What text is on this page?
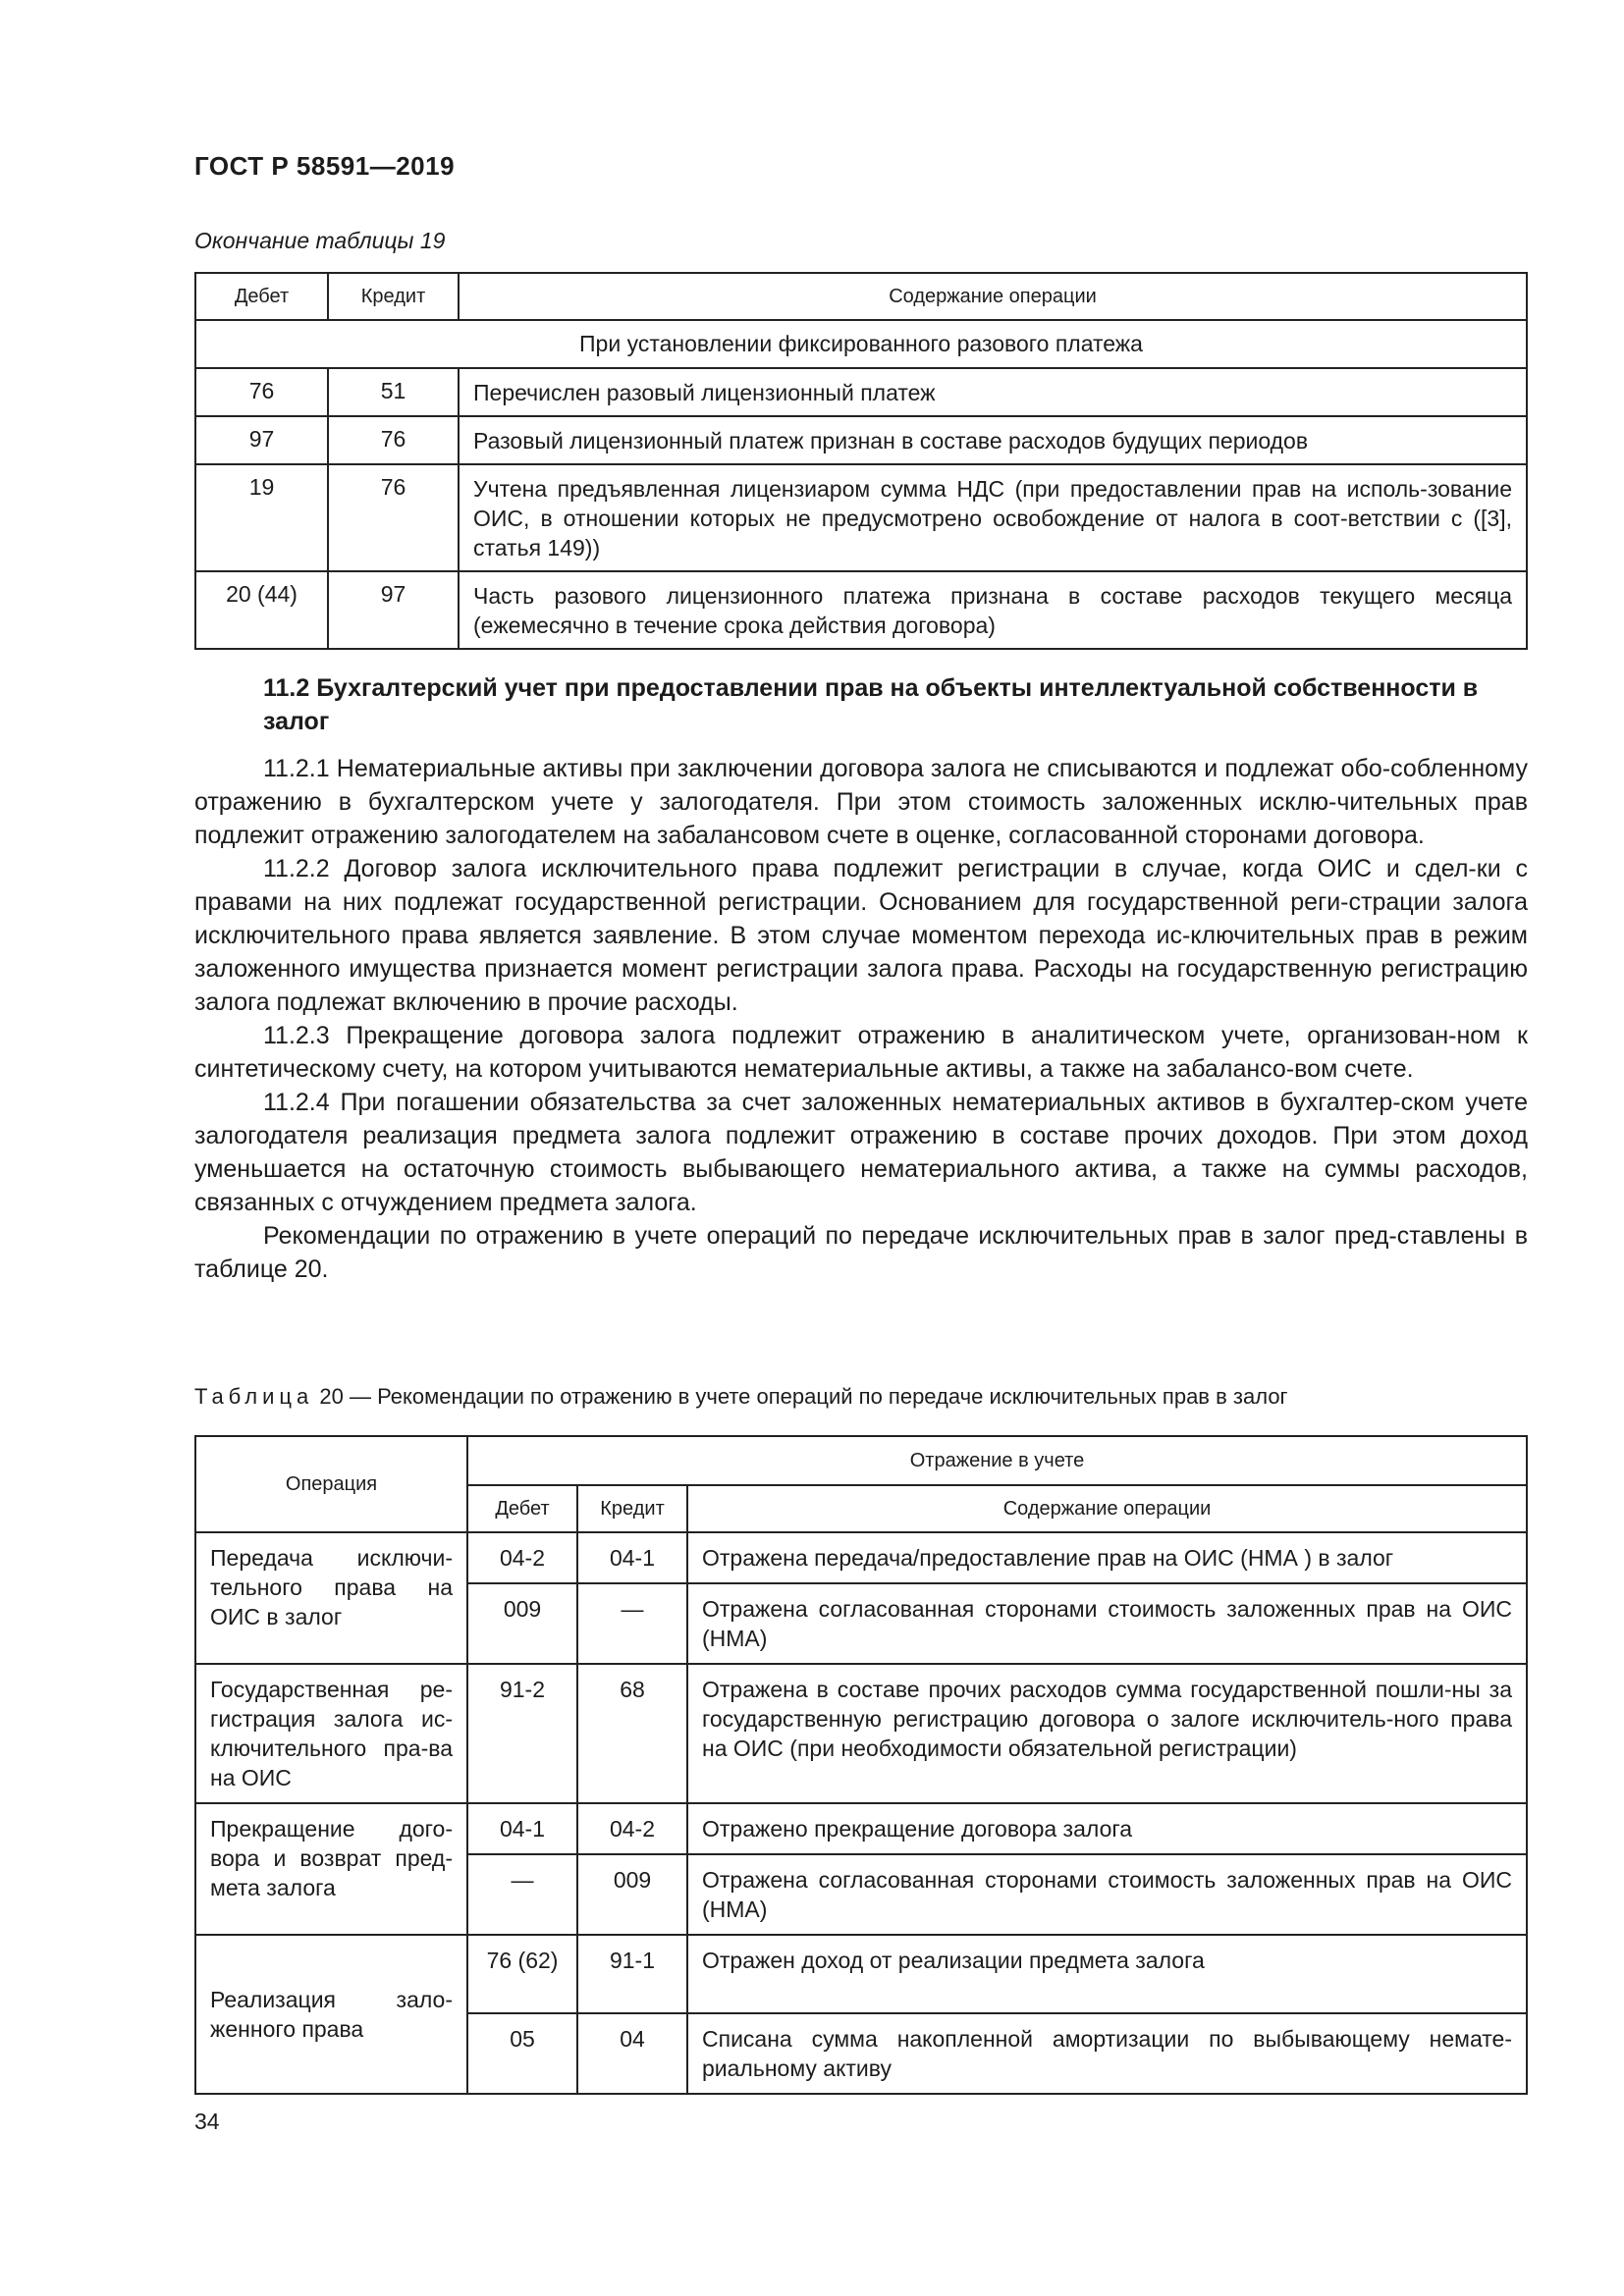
ГОСТ Р 58591—2019
Окончание таблицы 19
Дебет	Кредит	Содержание операции
При установлении фиксированного разового платежа		
76	51	Перечислен разовый лицензионный платеж
97	76	Разовый лицензионный платеж признан в составе расходов будущих периодов
19	76	Учтена предъявленная лицензиаром сумма НДС (при предоставлении прав на исполь-зование ОИС, в отношении которых не предусмотрено освобождение от налога в соот-ветствии с ([3], статья 149))
20 (44)	97	Часть разового лицензионного платежа признана в составе расходов текущего месяца (ежемесячно в течение срока действия договора)
11.2 Бухгалтерский учет при предоставлении прав на объекты интеллектуальной собственности в залог

11.2.1 Нематериальные активы при заключении договора залога не списываются и подлежат обо-собленному отражению в бухгалтерском учете у залогодателя. При этом стоимость заложенных исклю-чительных прав подлежит отражению залогодателем на забалансовом счете в оценке, согласованной сторонами договора.

11.2.2 Договор залога исключительного права подлежит регистрации в случае, когда ОИС и сдел-ки с правами на них подлежат государственной регистрации. Основанием для государственной реги-страции залога исключительного права является заявление. В этом случае моментом перехода ис-ключительных прав в режим заложенного имущества признается момент регистрации залога права. Расходы на государственную регистрацию залога подлежат включению в прочие расходы.

11.2.3 Прекращение договора залога подлежит отражению в аналитическом учете, организован-ном к синтетическому счету, на котором учитываются нематериальные активы, а также на забалансо-вом счете.

11.2.4 При погашении обязательства за счет заложенных нематериальных активов в бухгалтер-ском учете залогодателя реализация предмета залога подлежит отражению в составе прочих доходов. При этом доход уменьшается на остаточную стоимость выбывающего нематериального актива, а также на суммы расходов, связанных с отчуждением предмета залога.

Рекомендации по отражению в учете операций по передаче исключительных прав в залог пред-ставлены в таблице 20.

Таблица 20 — Рекомендации по отражению в учете операций по передаче исключительных прав в залог
Операция	Отражение в учете		
	Дебет	Кредит	Содержание операции
Передача исключи-тельного права на ОИС в залог	04-2	04-1	Отражена передача/предоставление прав на ОИС (НМА ) в залог
	009	—	Отражена согласованная сторонами стоимость заложенных прав на ОИС (НМА)
Государственная ре-гистрация залога ис-ключительного пра-ва на ОИС	91-2	68	Отражена в составе прочих расходов сумма государственной пошли-ны за государственную регистрацию договора о залоге исключитель-ного права на ОИС (при необходимости обязательной регистрации)
Прекращение дого-вора и возврат пред-мета залога	04-1	04-2	Отражено прекращение договора залога
	—	009	Отражена согласованная сторонами стоимость заложенных прав на ОИС (НМА)
Реализация зало-женного права	76 (62)	91-1	Отражен доход от реализации предмета залога
	05	04	Списана сумма накопленной амортизации по выбывающему немате-риальному активу
34
